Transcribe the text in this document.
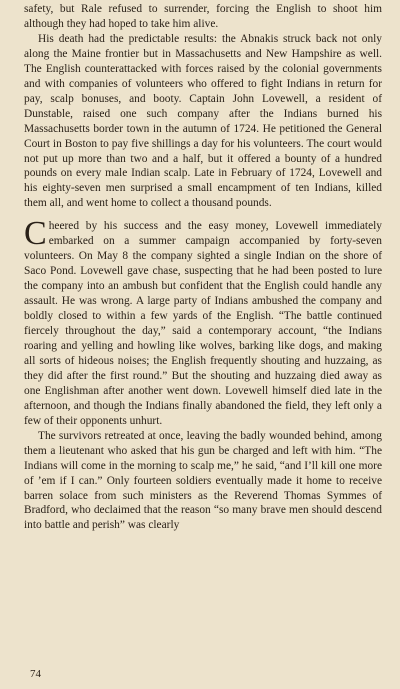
safety, but Rale refused to surrender, forcing the English to shoot him although they had hoped to take him alive.

His death had the predictable results: the Abnakis struck back not only along the Maine frontier but in Massachusetts and New Hampshire as well. The English counterattacked with forces raised by the colonial governments and with companies of volunteers who offered to fight Indians in return for pay, scalp bonuses, and booty. Captain John Lovewell, a resident of Dunstable, raised one such company after the Indians burned his Massachusetts border town in the autumn of 1724. He petitioned the General Court in Boston to pay five shillings a day for his volunteers. The court would not put up more than two and a half, but it offered a bounty of a hundred pounds on every male Indian scalp. Late in February of 1724, Lovewell and his eighty-seven men surprised a small encampment of ten Indians, killed them all, and went home to collect a thousand pounds.

Cheered by his success and the easy money, Lovewell immediately embarked on a summer campaign accompanied by forty-seven volunteers. On May 8 the company sighted a single Indian on the shore of Saco Pond. Lovewell gave chase, suspecting that he had been posted to lure the company into an ambush but confident that the English could handle any assault. He was wrong. A large party of Indians ambushed the company and boldly closed to within a few yards of the English. “The battle continued fiercely throughout the day,” said a contemporary account, “the Indians roaring and yelling and howling like wolves, barking like dogs, and making all sorts of hideous noises; the English frequently shouting and huzzaing, as they did after the first round.” But the shouting and huzzaing died away as one Englishman after another went down. Lovewell himself died late in the afternoon, and though the Indians finally abandoned the field, they left only a few of their opponents unhurt.

The survivors retreated at once, leaving the badly wounded behind, among them a lieutenant who asked that his gun be charged and left with him. “The Indians will come in the morning to scalp me,” he said, “and I’ll kill one more of ’em if I can.” Only fourteen soldiers eventually made it home to receive barren solace from such ministers as the Reverend Thomas Symmes of Bradford, who declaimed that the reason “so many brave men should descend into battle and perish” was clearly

74
